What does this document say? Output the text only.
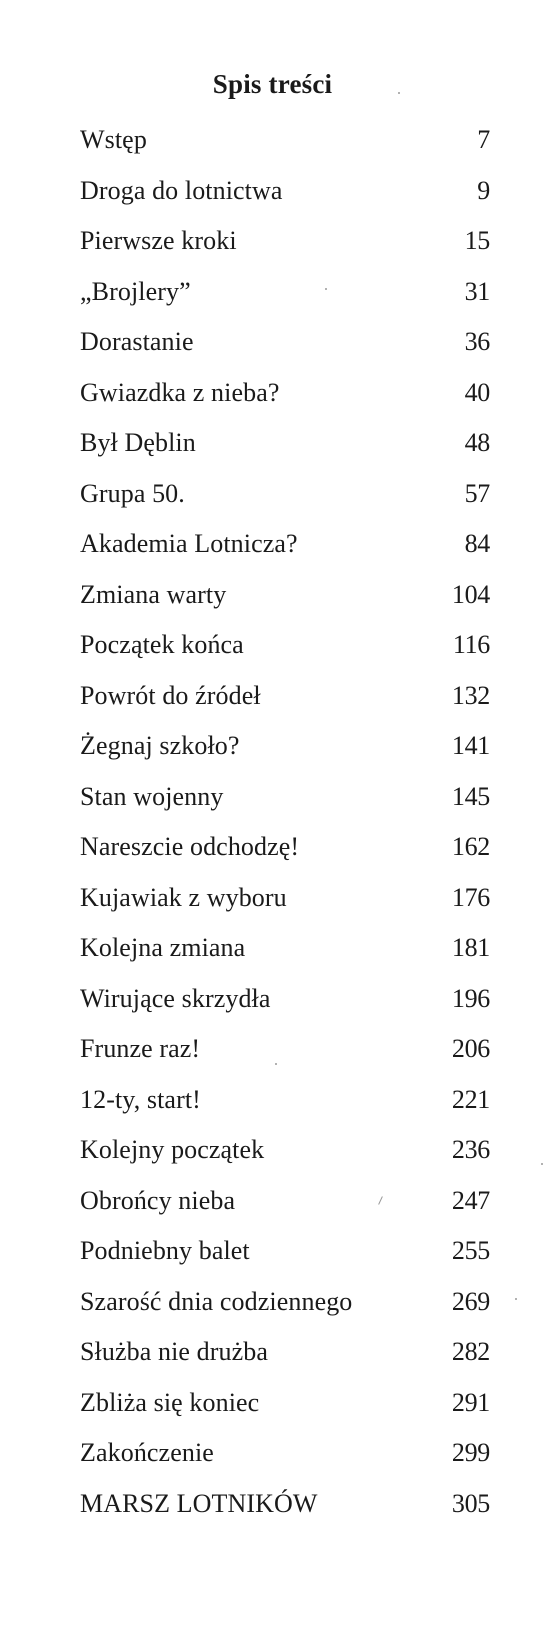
Spis treści
Wstęp	7
Droga do lotnictwa	9
Pierwsze kroki	15
„Brojlery”	31
Dorastanie	36
Gwiazdka z nieba?	40
Był Dęblin	48
Grupa 50.	57
Akademia Lotnicza?	84
Zmiana warty	104
Początek końca	116
Powrót do źródeł	132
Żegnaj szkoło?	141
Stan wojenny	145
Nareszcie odchodzę!	162
Kujawiak z wyboru	176
Kolejna zmiana	181
Wirujące skrzydła	196
Frunze raz!	206
12-ty, start!	221
Kolejny początek	236
Obrońcy nieba	247
Podniebny balet	255
Szarość dnia codziennego	269
Służba nie drużba	282
Zbliża się koniec	291
Zakończenie	299
MARSZ LOTNIKÓW	305
